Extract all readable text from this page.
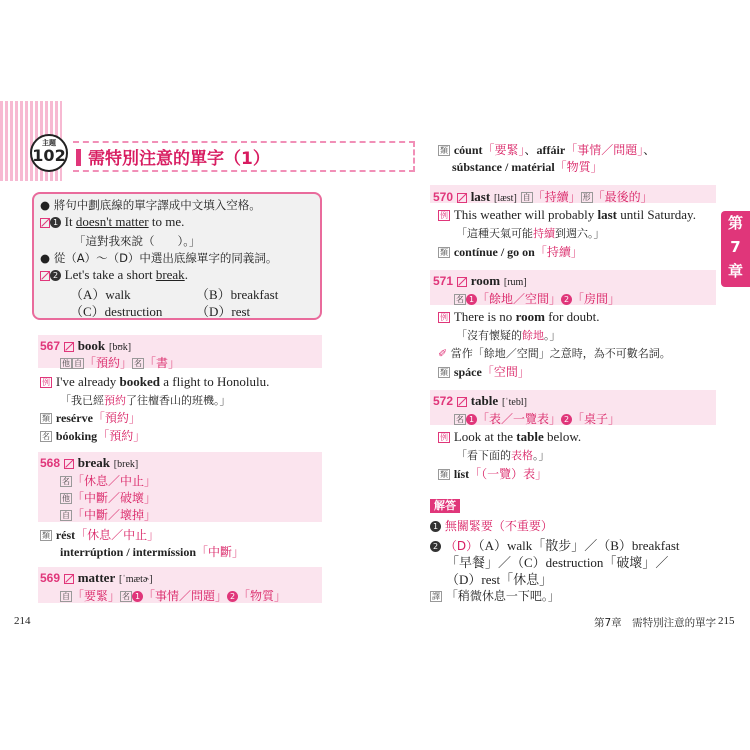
主題
102 需特別注意的單字（1）
● 將句中劃底線的單字譯成中文填入空格。
1 It doesn't matter to me.
「這對我來說（　　）。」
● 從（A）～（D）中選出底線單字的同義詞。
2 Let's take a short break.
（A）walk	（B）breakfast
（C）destruction	（D）rest
567 book [bʊk]
他 自 「預約」 名 「書」
例 I've already booked a flight to Honolulu.
「我已經預約了往檀香山的班機。」
類 resérve「預約」
名 bóoking「預約」
568 break [brek]
名 「休息／中止」
他 「中斷／破壞」
自 「中斷／壞掉」
類 rést「休息／中止」
interrúption / intermíssion「中斷」
569 matter [ˈmætɚ]
自 「要緊」 名 1 「事情／問題」 2 「物質」
214
類 cóunt「要緊」、affáir「事情／問題」、
súbstance / matérial「物質」
570 last [læst] 自 「持續」 形 「最後的」
例 This weather will probably last until Saturday.
「這種天氣可能持續到週六。」
類 contínue / go on「持續」
571 room [rum]
名 1 「餘地／空間」 2 「房間」
例 There is no room for doubt.
「沒有懷疑的餘地。」
✐ 當作「餘地／空間」之意時，為不可數名詞。
類 spáce「空間」
572 table [ˈtebl]
名 1 「表／一覽表」 2 「桌子」
例 Look at the table below.
「看下面的表格。」
類 líst「（一覽）表」
解答
1 無關緊要（不重要）
2 （D）（A）walk「散步」／（B）breakfast
「早餐」／（C）destruction「破壞」／
（D）rest「休息」
譯 「稍微休息一下吧。」
第
7
章
第7章　需特別注意的單字 215
